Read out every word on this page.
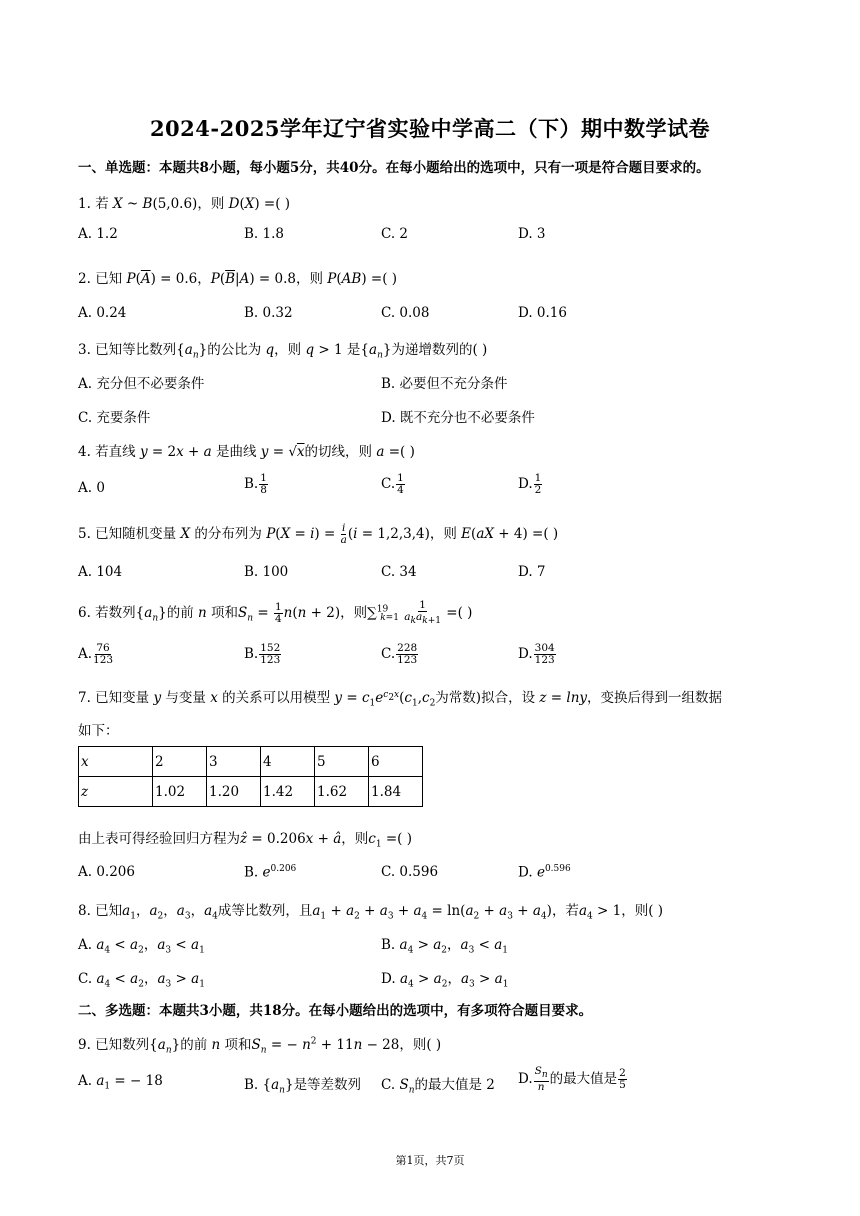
2024-2025学年辽宁省实验中学高二（下）期中数学试卷
一、单选题：本题共8小题，每小题5分，共40分。在每小题给出的选项中，只有一项是符合题目要求的。
1. 若 X ~ B(5,0.6)，则 D(X) =( )
A. 1.2	B. 1.8	C. 2	D. 3
2. 已知 $P(\overline{A}) = 0.6$，$P(\overline{B}|A) = 0.8$，则 P(AB) =( )
A. 0.24	B. 0.32	C. 0.08	D. 0.16
3. 已知等比数列$\{a_n\}$的公比为 q，则 q > 1 是$\{a_n\}$为递增数列的( )
A. 充分但不必要条件	B. 必要但不充分条件
C. 充要条件	D. 既不充分也不必要条件
4. 若直线 y = 2x + a 是曲线 y = √x的切线，则 a =( )
A. 0	B. $\frac{1}{8}$	C. $\frac{1}{4}$	D. $\frac{1}{2}$
5. 已知随机变量 X 的分布列为 $P(X = i) = \frac{i}{a} (i = 1,2,3,4)$，则 E(aX + 4) =( )
A. 104	B. 100	C. 34	D. 7
6. 若数列$\{a_n\}$的前 n 项和$S_n = \frac{1}{4} n(n + 2)$，则$\sum^{19}_{k=1} \frac{1}{a_ka_{k+1}}$ =( )
A. $\frac{76}{123}$	B. $\frac{152}{123}$	C. $\frac{228}{123}$	D. $\frac{304}{123}$
7. 已知变量 y 与变量 x 的关系可以用模型 $y = c_1e^{c_2x}(c_1,c_2$为常数)拟合，设 z = lny，变换后得到一组数据
如下：
x	2	3	4	5	6
z	1.02	1.20	1.42	1.62	1.84
由上表可得经验回归方程为ẑ = 0.206x + â，则$c_1$ =( )
A. 0.206	B. $e^{0.206}$	C. 0.596	D. $e^{0.596}$
8. 已知$a_1$，$a_2$，$a_3$，$a_4$成等比数列，且$a_1 + a_2 + a_3 + a_4 = \ln(a_2 + a_3 + a_4)$，若$a_4 > 1$，则( )
A. $a_4 < a_2$，$a_3 < a_1$	B. $a_4 > a_2$，$a_3 < a_1$
C. $a_4 < a_2$，$a_3 > a_1$	D. $a_4 > a_2$，$a_3 > a_1$
二、多选题：本题共3小题，共18分。在每小题给出的选项中，有多项符合题目要求。
9. 已知数列$\{a_n\}$的前 n 项和$S_n$ = − $n^2 + 11n - 28$，则( )
A. $a_1$ = − 18	B. $\{a_n\}$是等差数列 C. $S_n$的最大值是 2 D. $\frac{S_n}{n}$ 的最大值是 $\frac{2}{5}$
第1页，共7页
